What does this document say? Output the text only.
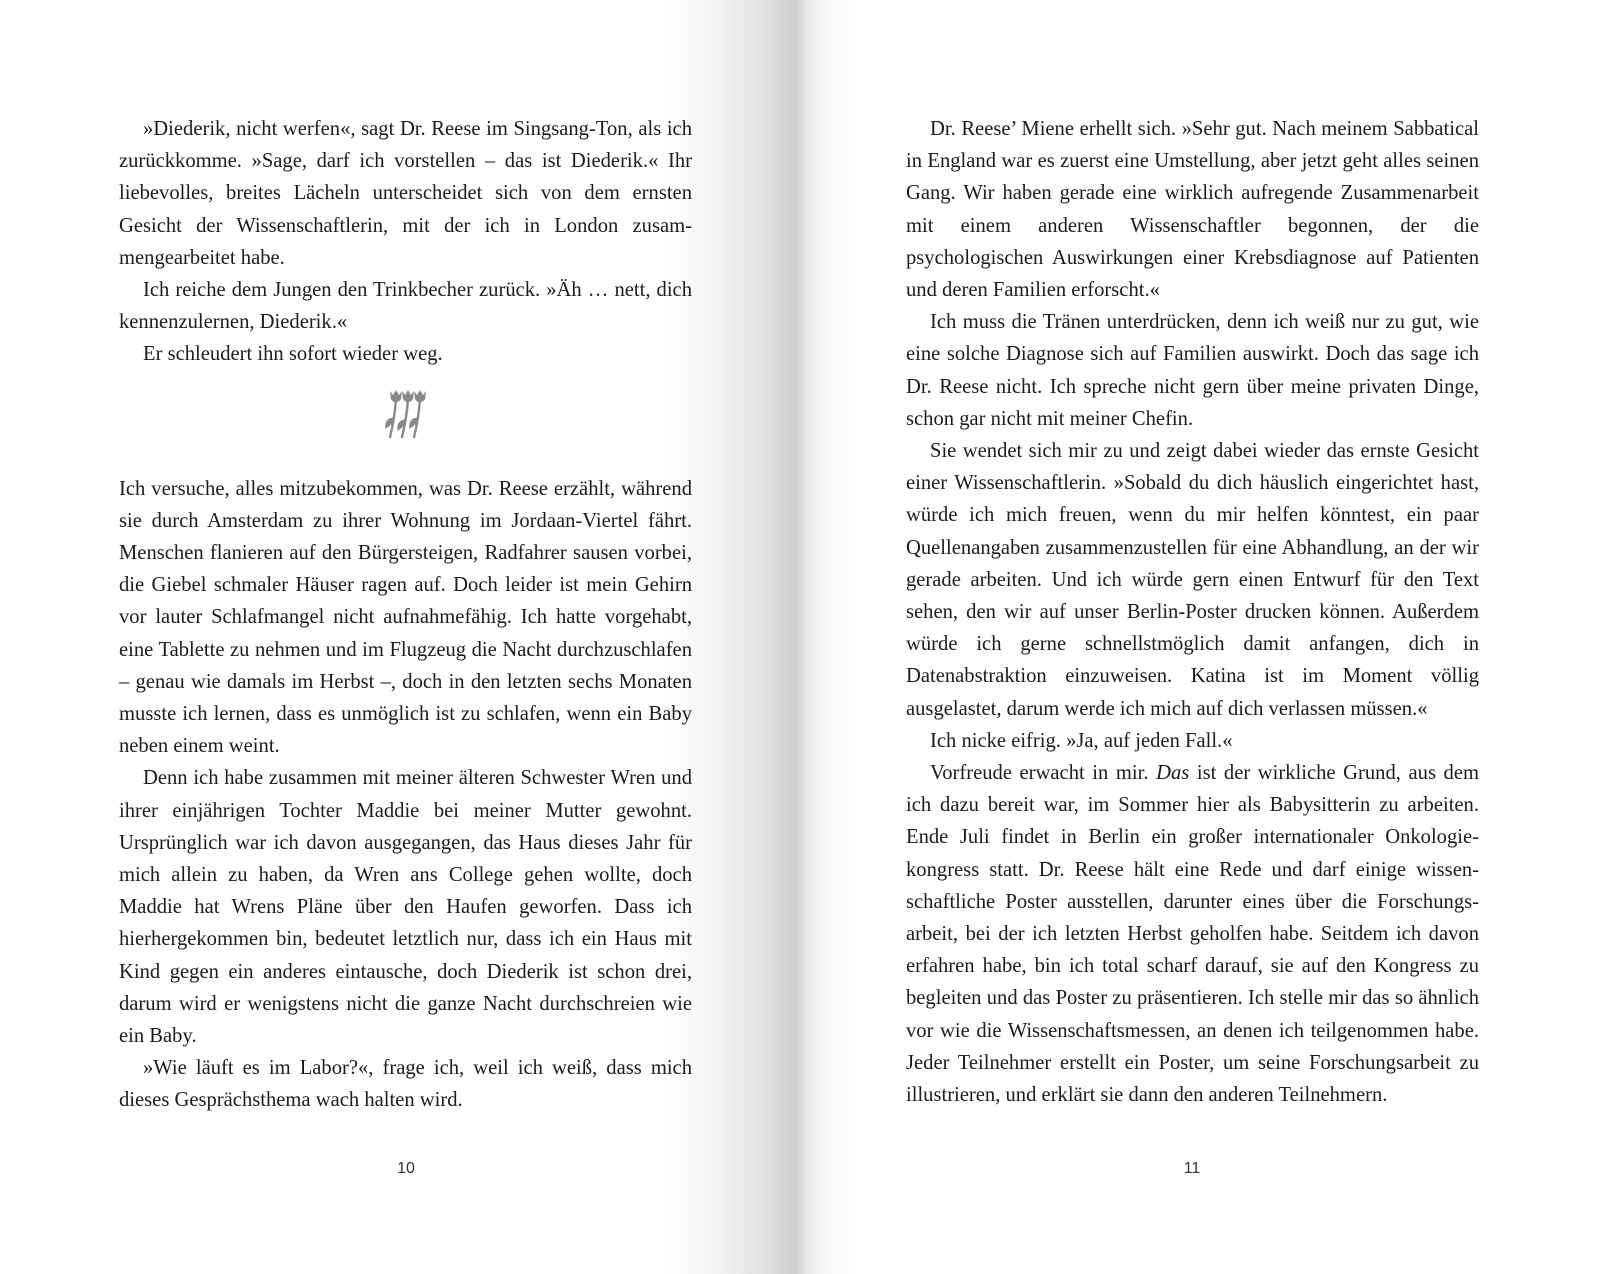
»Diederik, nicht werfen«, sagt Dr. Reese im Singsang-Ton, als ich zurückkomme. »Sage, darf ich vorstellen – das ist Diederik.« Ihr liebevolles, breites Lächeln unterscheidet sich von dem ernsten Gesicht der Wissenschaftlerin, mit der ich in London zusammengearbeitet habe.

Ich reiche dem Jungen den Trinkbecher zurück. »Äh … nett, dich kennenzulernen, Diederik.«

Er schleudert ihn sofort wieder weg.

Ich versuche, alles mitzubekommen, was Dr. Reese erzählt, während sie durch Amsterdam zu ihrer Wohnung im Jordaan-Viertel fährt. Menschen flanieren auf den Bürgersteigen, Radfahrer sausen vorbei, die Giebel schmaler Häuser ragen auf. Doch leider ist mein Gehirn vor lauter Schlafmangel nicht aufnahmefähig. Ich hatte vorgehabt, eine Tablette zu nehmen und im Flugzeug die Nacht durchzuschlafen – genau wie damals im Herbst –, doch in den letzten sechs Monaten musste ich lernen, dass es unmöglich ist zu schlafen, wenn ein Baby neben einem weint.

Denn ich habe zusammen mit meiner älteren Schwester Wren und ihrer einjährigen Tochter Maddie bei meiner Mutter gewohnt. Ursprünglich war ich davon ausgegangen, das Haus dieses Jahr für mich allein zu haben, da Wren ans College gehen wollte, doch Maddie hat Wrens Pläne über den Haufen geworfen. Dass ich hierhergekommen bin, bedeutet letztlich nur, dass ich ein Haus mit Kind gegen ein anderes eintausche, doch Diederik ist schon drei, darum wird er wenigstens nicht die ganze Nacht durchschreien wie ein Baby.

»Wie läuft es im Labor?«, frage ich, weil ich weiß, dass mich dieses Gesprächsthema wach halten wird.

10

Dr. Reese’ Miene erhellt sich. »Sehr gut. Nach meinem Sabbatical in England war es zuerst eine Umstellung, aber jetzt geht alles seinen Gang. Wir haben gerade eine wirklich aufregende Zusammenarbeit mit einem anderen Wissenschaftler begonnen, der die psychologischen Auswirkungen einer Krebsdiagnose auf Patienten und deren Familien erforscht.«

Ich muss die Tränen unterdrücken, denn ich weiß nur zu gut, wie eine solche Diagnose sich auf Familien auswirkt. Doch das sage ich Dr. Reese nicht. Ich spreche nicht gern über meine privaten Dinge, schon gar nicht mit meiner Chefin.

Sie wendet sich mir zu und zeigt dabei wieder das ernste Gesicht einer Wissenschaftlerin. »Sobald du dich häuslich eingerichtet hast, würde ich mich freuen, wenn du mir helfen könntest, ein paar Quellenangaben zusammenzustellen für eine Abhandlung, an der wir gerade arbeiten. Und ich würde gern einen Entwurf für den Text sehen, den wir auf unser Berlin-Poster drucken können. Außerdem würde ich gerne schnellstmöglich damit anfangen, dich in Datenabstraktion einzuweisen. Katina ist im Moment völlig ausgelastet, darum werde ich mich auf dich verlassen müssen.«

Ich nicke eifrig. »Ja, auf jeden Fall.«

Vorfreude erwacht in mir. Das ist der wirkliche Grund, aus dem ich dazu bereit war, im Sommer hier als Babysitterin zu arbeiten. Ende Juli findet in Berlin ein großer internationaler Onkologiekongress statt. Dr. Reese hält eine Rede und darf einige wissenschaftliche Poster ausstellen, darunter eines über die Forschungsarbeit, bei der ich letzten Herbst geholfen habe. Seitdem ich davon erfahren habe, bin ich total scharf darauf, sie auf den Kongress zu begleiten und das Poster zu präsentieren. Ich stelle mir das so ähnlich vor wie die Wissenschaftsmessen, an denen ich teilgenommen habe. Jeder Teilnehmer erstellt ein Poster, um seine Forschungsarbeit zu illustrieren, und erklärt sie dann den anderen Teilnehmern.

11
